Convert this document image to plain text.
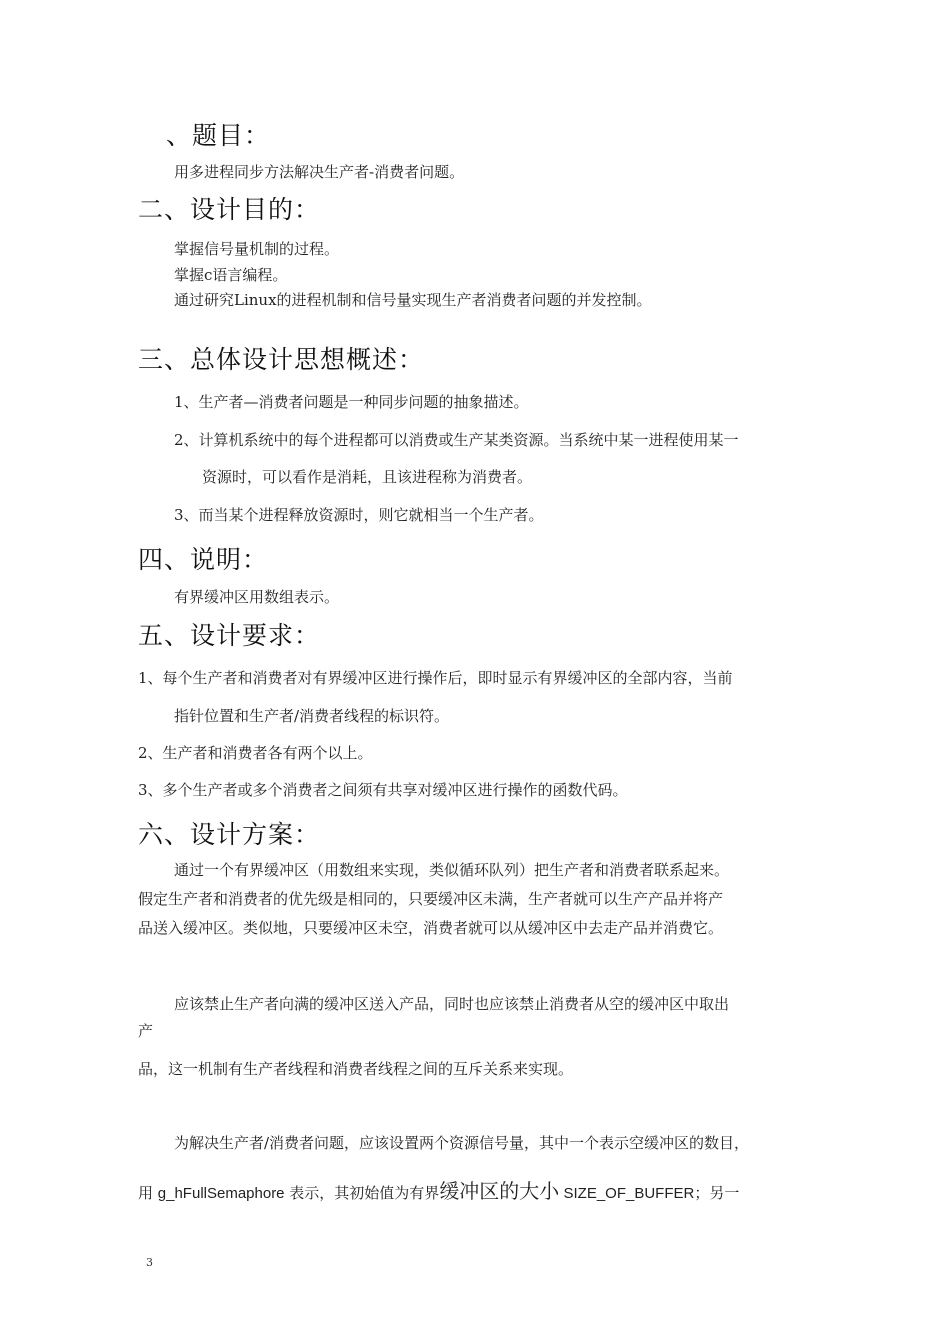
、题目：
用多进程同步方法解决生产者-消费者问题。
二、设计目的：
掌握信号量机制的过程。
掌握c语言编程。
通过研究Linux的进程机制和信号量实现生产者消费者问题的并发控制。
三、总体设计思想概述：
1、生产者—消费者问题是一种同步问题的抽象描述。
2、计算机系统中的每个进程都可以消费或生产某类资源。当系统中某一进程使用某一
资源时，可以看作是消耗，且该进程称为消费者。
3、而当某个进程释放资源时，则它就相当一个生产者。
四、说明：
有界缓冲区用数组表示。
五、设计要求：
1、每个生产者和消费者对有界缓冲区进行操作后，即时显示有界缓冲区的全部内容，当前
指针位置和生产者/消费者线程的标识符。
2、生产者和消费者各有两个以上。
3、多个生产者或多个消费者之间须有共享对缓冲区进行操作的函数代码。
六、设计方案：
通过一个有界缓冲区（用数组来实现，类似循环队列）把生产者和消费者联系起来。
假定生产者和消费者的优先级是相同的，只要缓冲区未满，生产者就可以生产产品并将产
品送入缓冲区。类似地，只要缓冲区未空，消费者就可以从缓冲区中去走产品并消费它。
应该禁止生产者向满的缓冲区送入产品，同时也应该禁止消费者从空的缓冲区中取出
产
品，这一机制有生产者线程和消费者线程之间的互斥关系来实现。
为解决生产者/消费者问题，应该设置两个资源信号量，其中一个表示空缓冲区的数目，
用 g_hFullSemaphore 表示，其初始值为有界缓冲区的大小 SIZE_OF_BUFFER；另一
3
